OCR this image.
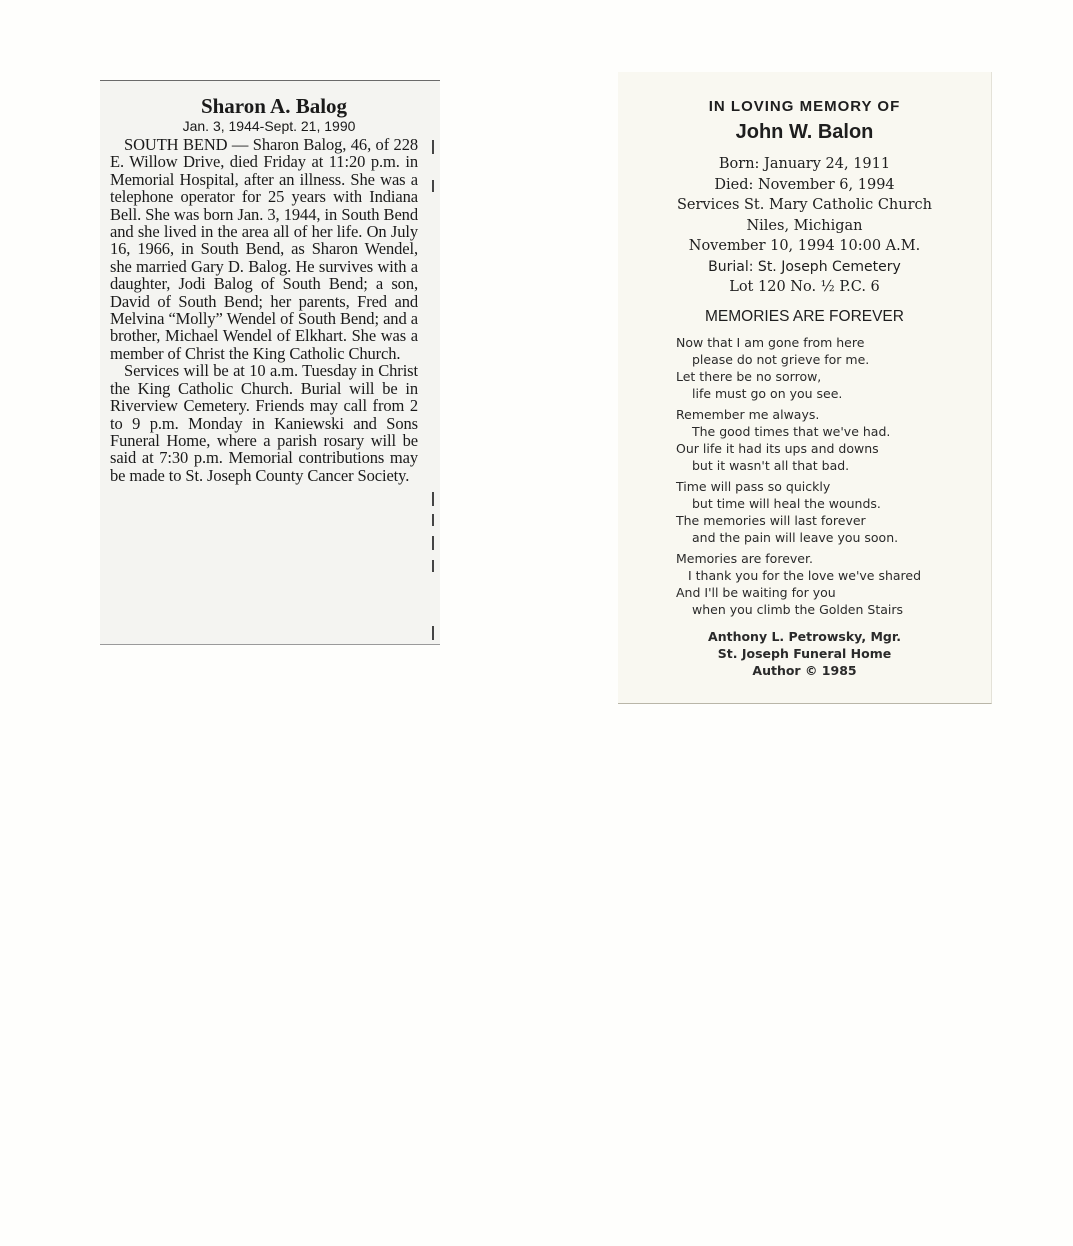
Sharon A. Balog
Jan. 3, 1944-Sept. 21, 1990

SOUTH BEND — Sharon Balog, 46, of 228 E. Willow Drive, died Friday at 11:20 p.m. in Memorial Hospital, after an illness. She was a telephone operator for 25 years with Indiana Bell. She was born Jan. 3, 1944, in South Bend and she lived in the area all of her life. On July 16, 1966, in South Bend, as Sharon Wendel, she married Gary D. Balog. He survives with a daughter, Jodi Balog of South Bend; a son, David of South Bend; her parents, Fred and Melvina “Molly” Wendel of South Bend; and a brother, Michael Wendel of Elkhart. She was a member of Christ the King Catholic Church.

Services will be at 10 a.m. Tuesday in Christ the King Catholic Church. Burial will be in Riverview Cemetery. Friends may call from 2 to 9 p.m. Monday in Kaniewski and Sons Funeral Home, where a parish rosary will be said at 7:30 p.m. Memorial contributions may be made to St. Joseph County Cancer Society.

IN LOVING MEMORY OF
John W. Balon
Born: January 24, 1911
Died: November 6, 1994
Services St. Mary Catholic Church
Niles, Michigan
November 10, 1994 10:00 A.M.
Burial: St. Joseph Cemetery
Lot 120 No. ½ P.C. 6
MEMORIES ARE FOREVER
Now that I am gone from here
please do not grieve for me.
Let there be no sorrow,
life must go on you see.
Remember me always.
The good times that we've had.
Our life it had its ups and downs
but it wasn't all that bad.
Time will pass so quickly
but time will heal the wounds.
The memories will last forever
and the pain will leave you soon.
Memories are forever.
I thank you for the love we've shared
And I'll be waiting for you
when you climb the Golden Stairs
Anthony L. Petrowsky, Mgr.
St. Joseph Funeral Home
Author © 1985
